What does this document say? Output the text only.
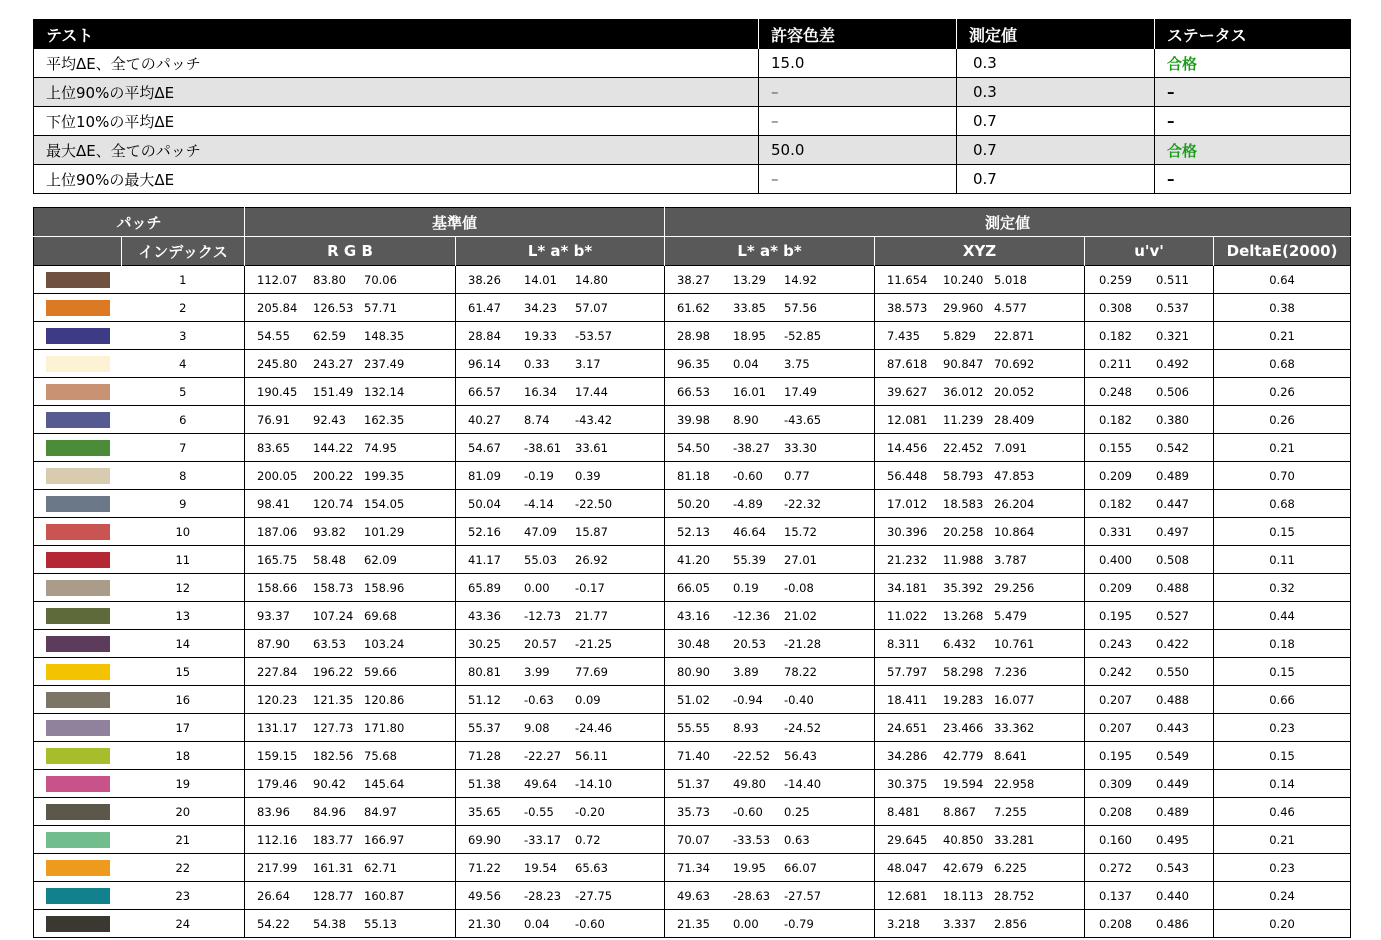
テスト	許容色差	測定値	ステータス
平均ΔE、全てのパッチ	15.0	0.3	合格
上位90%の平均ΔE	–	0.3	–
下位10%の平均ΔE	–	0.7	–
最大ΔE、全てのパッチ	50.0	0.7	合格
上位90%の最大ΔE	–	0.7	–
パッチ		基準値		測定値			
	インデックス	R G B	L* a* b*	L* a* b*	XYZ	u'v'	DeltaE(2000)
	1	112.07 83.80 70.06	38.26 14.01 14.80	38.27 13.29 14.92	11.654 10.240 5.018	0.259 0.511	0.64
	2	205.84 126.53 57.71	61.47 34.23 57.07	61.62 33.85 57.56	38.573 29.960 4.577	0.308 0.537	0.38
	3	54.55 62.59 148.35	28.84 19.33 -53.57	28.98 18.95 -52.85	7.435 5.829 22.871	0.182 0.321	0.21
	4	245.80 243.27 237.49	96.14 0.33 3.17	96.35 0.04 3.75	87.618 90.847 70.692	0.211 0.492	0.68
	5	190.45 151.49 132.14	66.57 16.34 17.44	66.53 16.01 17.49	39.627 36.012 20.052	0.248 0.506	0.26
	6	76.91 92.43 162.35	40.27 8.74 -43.42	39.98 8.90 -43.65	12.081 11.239 28.409	0.182 0.380	0.26
	7	83.65 144.22 74.95	54.67 -38.61 33.61	54.50 -38.27 33.30	14.456 22.452 7.091	0.155 0.542	0.21
	8	200.05 200.22 199.35	81.09 -0.19 0.39	81.18 -0.60 0.77	56.448 58.793 47.853	0.209 0.489	0.70
	9	98.41 120.74 154.05	50.04 -4.14 -22.50	50.20 -4.89 -22.32	17.012 18.583 26.204	0.182 0.447	0.68
	10	187.06 93.82 101.29	52.16 47.09 15.87	52.13 46.64 15.72	30.396 20.258 10.864	0.331 0.497	0.15
	11	165.75 58.48 62.09	41.17 55.03 26.92	41.20 55.39 27.01	21.232 11.988 3.787	0.400 0.508	0.11
	12	158.66 158.73 158.96	65.89 0.00 -0.17	66.05 0.19 -0.08	34.181 35.392 29.256	0.209 0.488	0.32
	13	93.37 107.24 69.68	43.36 -12.73 21.77	43.16 -12.36 21.02	11.022 13.268 5.479	0.195 0.527	0.44
	14	87.90 63.53 103.24	30.25 20.57 -21.25	30.48 20.53 -21.28	8.311 6.432 10.761	0.243 0.422	0.18
	15	227.84 196.22 59.66	80.81 3.99 77.69	80.90 3.89 78.22	57.797 58.298 7.236	0.242 0.550	0.15
	16	120.23 121.35 120.86	51.12 -0.63 0.09	51.02 -0.94 -0.40	18.411 19.283 16.077	0.207 0.488	0.66
	17	131.17 127.73 171.80	55.37 9.08 -24.46	55.55 8.93 -24.52	24.651 23.466 33.362	0.207 0.443	0.23
	18	159.15 182.56 75.68	71.28 -22.27 56.11	71.40 -22.52 56.43	34.286 42.779 8.641	0.195 0.549	0.15
	19	179.46 90.42 145.64	51.38 49.64 -14.10	51.37 49.80 -14.40	30.375 19.594 22.958	0.309 0.449	0.14
	20	83.96 84.96 84.97	35.65 -0.55 -0.20	35.73 -0.60 0.25	8.481 8.867 7.255	0.208 0.489	0.46
	21	112.16 183.77 166.97	69.90 -33.17 0.72	70.07 -33.53 0.63	29.645 40.850 33.281	0.160 0.495	0.21
	22	217.99 161.31 62.71	71.22 19.54 65.63	71.34 19.95 66.07	48.047 42.679 6.225	0.272 0.543	0.23
	23	26.64 128.77 160.87	49.56 -28.23 -27.75	49.63 -28.63 -27.57	12.681 18.113 28.752	0.137 0.440	0.24
	24	54.22 54.38 55.13	21.30 0.04 -0.60	21.35 0.00 -0.79	3.218 3.337 2.856	0.208 0.486	0.20
